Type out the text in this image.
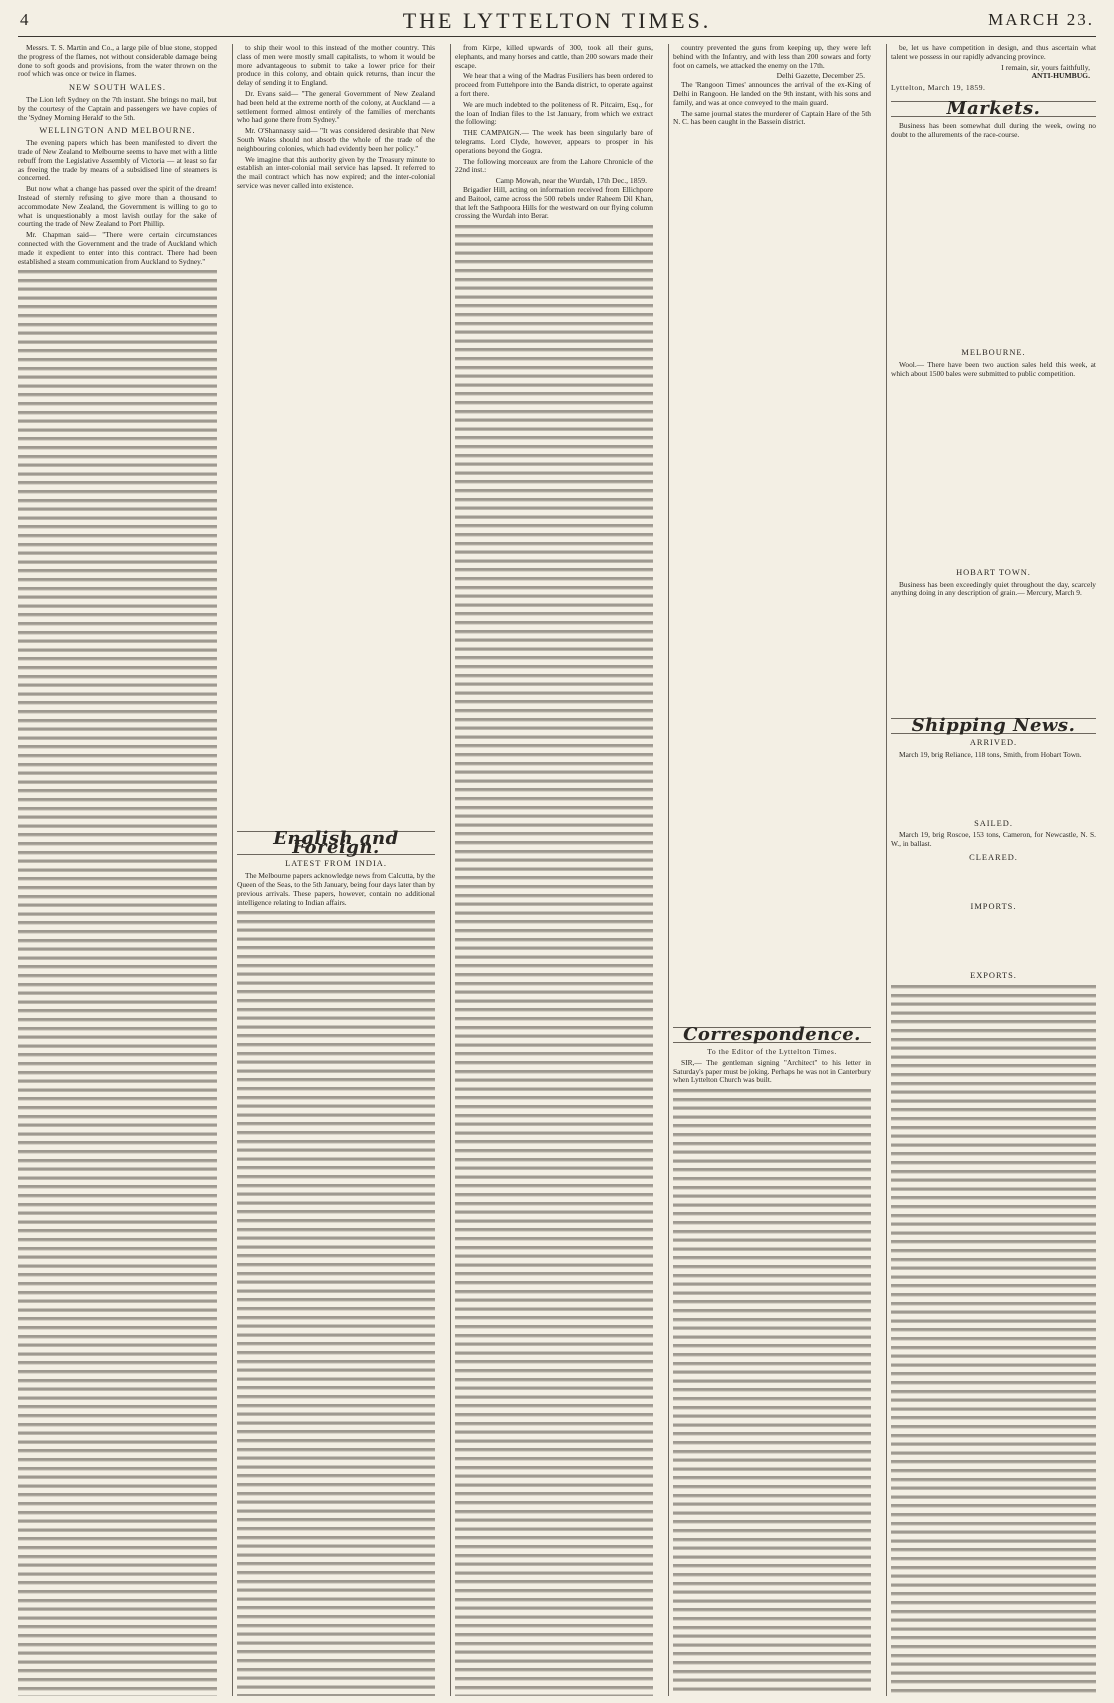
4	THE LYTTELTON TIMES.	MARCH 23.

Messrs. T. S. Martin and Co., a large pile of blue stone, stopped the progress of the flames, not without considerable damage being done to soft goods and provisions, from the water thrown on the roof which was once or twice in flames.

NEW SOUTH WALES.

The Lion left Sydney on the 7th instant. She brings no mail, but by the courtesy of the Captain and passengers we have copies of the 'Sydney Morning Herald' to the 5th.

WELLINGTON AND MELBOURNE.

The evening papers which has been manifested to divert the trade of New Zealand to Melbourne seems to have met with a little rebuff from the Legislative Assembly of Victoria — at least so far as freeing the trade by means of a subsidised line of steamers is concerned.

But now what a change has passed over the spirit of the dream! Instead of sternly refusing to give more than a thousand to accommodate New Zealand, the Government is willing to go to what is unquestionably a most lavish outlay for the sake of courting the trade of New Zealand to Port Phillip.

Mr. Chapman said— "There were certain circumstances connected with the Government and the trade of Auckland which made it expedient to enter into this contract. There had been established a steam communication from Auckland to Sydney."

to ship their wool to this instead of the mother country. This class of men were mostly small capitalists, to whom it would be more advantageous to submit to take a lower price for their produce in this colony, and obtain quick returns, than incur the delay of sending it to England.

Dr. Evans said— "The general Government of New Zealand had been held at the extreme north of the colony, at Auckland — a settlement formed almost entirely of the families of merchants who had gone there from Sydney."

Mr. O'Shannassy said— "It was considered desirable that New South Wales should not absorb the whole of the trade of the neighbouring colonies, which had evidently been her policy."

We imagine that this authority given by the Treasury minute to establish an inter-colonial mail service has lapsed. It referred to the mail contract which has now expired; and the inter-colonial service was never called into existence.

English and Foreign.
LATEST FROM INDIA.

The Melbourne papers acknowledge news from Calcutta, by the Queen of the Seas, to the 5th January, being four days later than by previous arrivals. These papers, however, contain no additional intelligence relating to Indian affairs.

from Kirpe, killed upwards of 300, took all their guns, elephants, and many horses and cattle, than 200 sowars made their escape.

We hear that a wing of the Madras Fusiliers has been ordered to proceed from Futtehpore into the Banda district, to operate against a fort there.

We are much indebted to the politeness of R. Pitcairn, Esq., for the loan of Indian files to the 1st January, from which we extract the following:

THE CAMPAIGN.— The week has been singularly bare of telegrams. Lord Clyde, however, appears to prosper in his operations beyond the Gogra.

The following morceaux are from the Lahore Chronicle of the 22nd inst.:

Camp Mowah, near the Wurdah, 17th Dec., 1859.

Brigadier Hill, acting on information received from Ellichpore and Baitool, came across the 500 rebels under Raheem Dil Khan, that left the Sathpoora Hills for the westward on our flying column crossing the Wurdah into Berar.

country prevented the guns from keeping up, they were left behind with the Infantry, and with less than 200 sowars and forty foot on camels, we attacked the enemy on the 17th.

Delhi Gazette, December 25.

The 'Rangoon Times' announces the arrival of the ex-King of Delhi in Rangoon. He landed on the 9th instant, with his sons and family, and was at once conveyed to the main guard.

The same journal states the murderer of Captain Hare of the 5th N. C. has been caught in the Bassein district.

Correspondence.
To the Editor of the Lyttelton Times.

SIR,— The gentleman signing "Architect" to his letter in Saturday's paper must be joking. Perhaps he was not in Canterbury when Lyttelton Church was built.

be, let us have competition in design, and thus ascertain what talent we possess in our rapidly advancing province.

I remain, sir, yours faithfully,
ANTI-HUMBUG.
Lyttelton, March 19, 1859.
Markets.

Business has been somewhat dull during the week, owing no doubt to the allurements of the race-course.

MELBOURNE.

Wool.— There have been two auction sales held this week, at which about 1500 bales were submitted to public competition.

HOBART TOWN.

Business has been exceedingly quiet throughout the day, scarcely anything doing in any description of grain.— Mercury, March 9.

Shipping News.
ARRIVED.

March 19, brig Reliance, 118 tons, Smith, from Hobart Town.

SAILED.

March 19, brig Roscoe, 153 tons, Cameron, for Newcastle, N. S. W., in ballast.

CLEARED.
IMPORTS.
EXPORTS.
